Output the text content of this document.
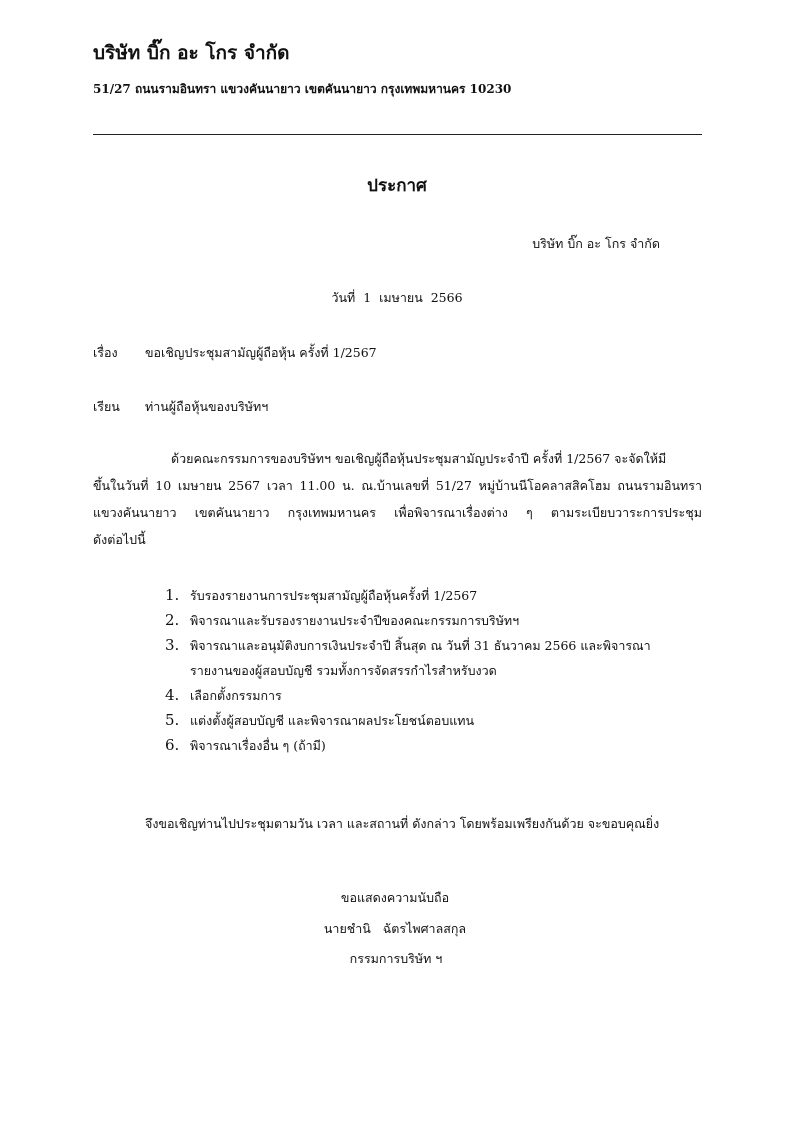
บริษัท บิ๊ก อะ โกร จำกัด
51/27 ถนนรามอินทรา แขวงคันนายาว เขตคันนายาว กรุงเทพมหานคร 10230
ประกาศ
บริษัท บิ๊ก อะ โกร จำกัด
วันที่  1  เมษายน  2566
เรื่อง ขอเชิญประชุมสามัญผู้ถือหุ้น ครั้งที่ 1/2567
เรียน ท่านผู้ถือหุ้นของบริษัทฯ
ด้วยคณะกรรมการของบริษัทฯ ขอเชิญผู้ถือหุ้นประชุมสามัญประจำปี ครั้งที่ 1/2567 จะจัดให้มี
ขึ้นในวันที่ 10 เมษายน 2567 เวลา 11.00 น. ณ.บ้านเลขที่ 51/27 หมู่บ้านนีโอคลาสสิคโฮม ถนนรามอินทรา
แขวงคันนายาว เขตคันนายาว กรุงเทพมหานคร เพื่อพิจารณาเรื่องต่าง ๆ ตามระเบียบวาระการประชุม
ดังต่อไปนี้
1. รับรองรายงานการประชุมสามัญผู้ถือหุ้นครั้งที่ 1/2567
2. พิจารณาและรับรองรายงานประจำปีของคณะกรรมการบริษัทฯ
3. พิจารณาและอนุมัติงบการเงินประจำปี สิ้นสุด ณ วันที่ 31 ธันวาคม 2566 และพิจารณา
รายงานของผู้สอบบัญชี รวมทั้งการจัดสรรกำไรสำหรับงวด
4. เลือกตั้งกรรมการ
5. แต่งตั้งผู้สอบบัญชี และพิจารณาผลประโยชน์ตอบแทน
6. พิจารณาเรื่องอื่น ๆ (ถ้ามี)
จึงขอเชิญท่านไปประชุมตามวัน เวลา และสถานที่ ดังกล่าว โดยพร้อมเพรียงกันด้วย จะขอบคุณยิ่ง
ขอแสดงความนับถือ
นายชำนิ   ฉัตรไพศาลสกุล
กรรมการบริษัท ฯ
